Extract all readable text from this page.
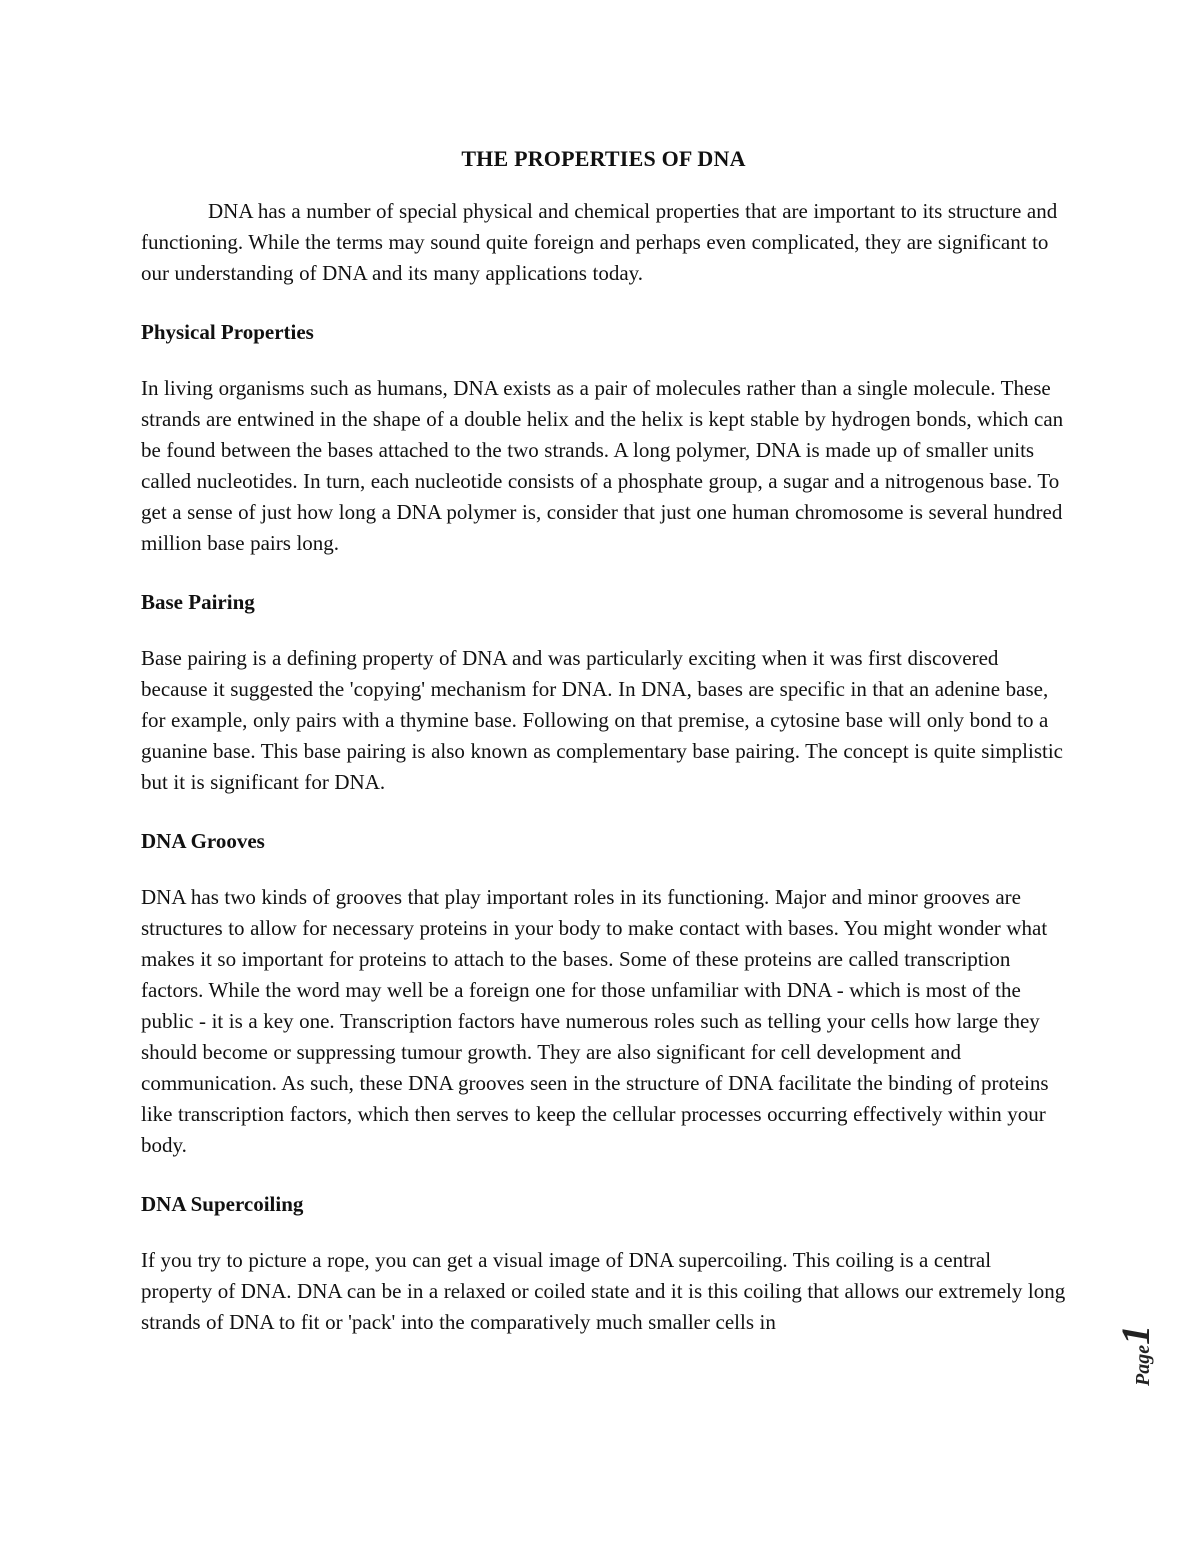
THE PROPERTIES OF DNA

DNA has a number of special physical and chemical properties that are important to its structure and functioning. While the terms may sound quite foreign and perhaps even complicated, they are significant to our understanding of DNA and its many applications today.

Physical Properties

In living organisms such as humans, DNA exists as a pair of molecules rather than a single molecule. These strands are entwined in the shape of a double helix and the helix is kept stable by hydrogen bonds, which can be found between the bases attached to the two strands. A long polymer, DNA is made up of smaller units called nucleotides. In turn, each nucleotide consists of a phosphate group, a sugar and a nitrogenous base. To get a sense of just how long a DNA polymer is, consider that just one human chromosome is several hundred million base pairs long.

Base Pairing

Base pairing is a defining property of DNA and was particularly exciting when it was first discovered because it suggested the 'copying' mechanism for DNA. In DNA, bases are specific in that an adenine base, for example, only pairs with a thymine base. Following on that premise, a cytosine base will only bond to a guanine base. This base pairing is also known as complementary base pairing. The concept is quite simplistic but it is significant for DNA.

DNA Grooves

DNA has two kinds of grooves that play important roles in its functioning. Major and minor grooves are structures to allow for necessary proteins in your body to make contact with bases. You might wonder what makes it so important for proteins to attach to the bases. Some of these proteins are called transcription factors. While the word may well be a foreign one for those unfamiliar with DNA - which is most of the public - it is a key one. Transcription factors have numerous roles such as telling your cells how large they should become or suppressing tumour growth. They are also significant for cell development and communication. As such, these DNA grooves seen in the structure of DNA facilitate the binding of proteins like transcription factors, which then serves to keep the cellular processes occurring effectively within your body.

DNA Supercoiling

If you try to picture a rope, you can get a visual image of DNA supercoiling. This coiling is a central property of DNA. DNA can be in a relaxed or coiled state and it is this coiling that allows our extremely long strands of DNA to fit or 'pack' into the comparatively much smaller cells in

Page1
